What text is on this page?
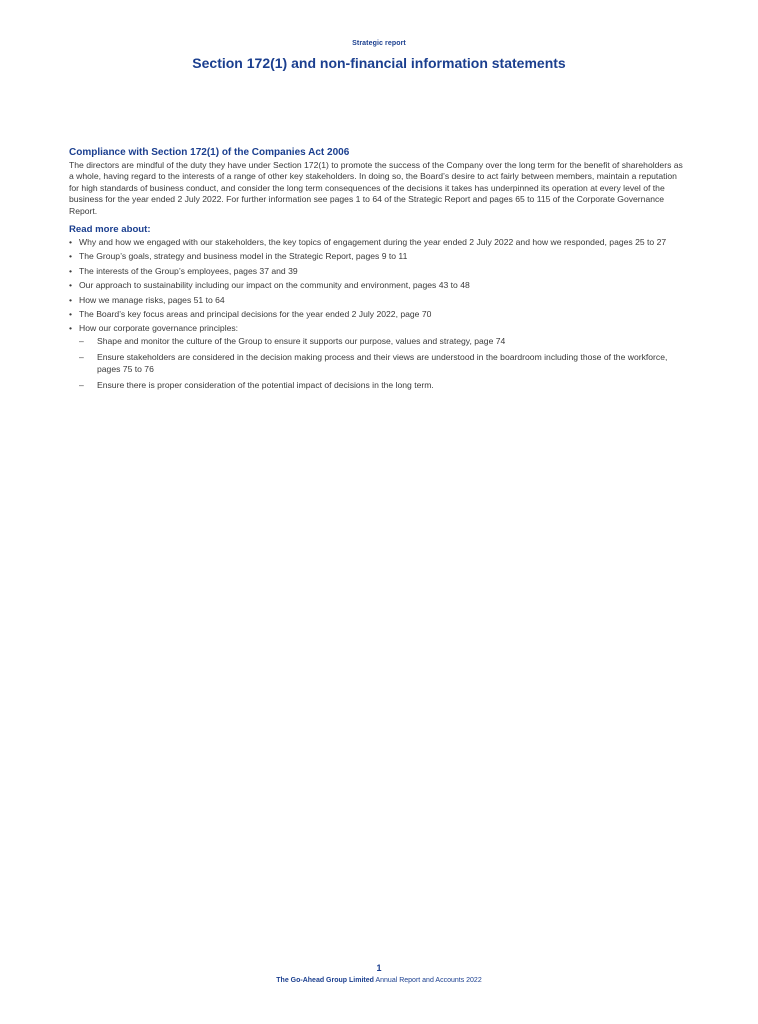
Strategic report
Section 172(1) and non-financial information statements
Compliance with Section 172(1) of the Companies Act 2006

The directors are mindful of the duty they have under Section 172(1) to promote the success of the Company over the long term for the benefit of shareholders as a whole, having regard to the interests of a range of other key stakeholders. In doing so, the Board’s desire to act fairly between members, maintain a reputation for high standards of business conduct, and consider the long term consequences of the decisions it takes has underpinned its operation at every level of the business for the year ended 2 July 2022. For further information see pages 1 to 64 of the Strategic Report and pages 65 to 115 of the Corporate Governance Report.

Read more about:
• Why and how we engaged with our stakeholders, the key topics of engagement during the year ended 2 July 2022 and how we responded, pages 25 to 27
• The Group’s goals, strategy and business model in the Strategic Report, pages 9 to 11
• The interests of the Group’s employees, pages 37 and 39
• Our approach to sustainability including our impact on the community and environment, pages 43 to 48
• How we manage risks, pages 51 to 64
• The Board’s key focus areas and principal decisions for the year ended 2 July 2022, page 70
• How our corporate governance principles:
– Shape and monitor the culture of the Group to ensure it supports our purpose, values and strategy, page 74
– Ensure stakeholders are considered in the decision making process and their views are understood in the boardroom including those of the workforce, pages 75 to 76
– Ensure there is proper consideration of the potential impact of decisions in the long term.
1
The Go-Ahead Group Limited Annual Report and Accounts 2022
